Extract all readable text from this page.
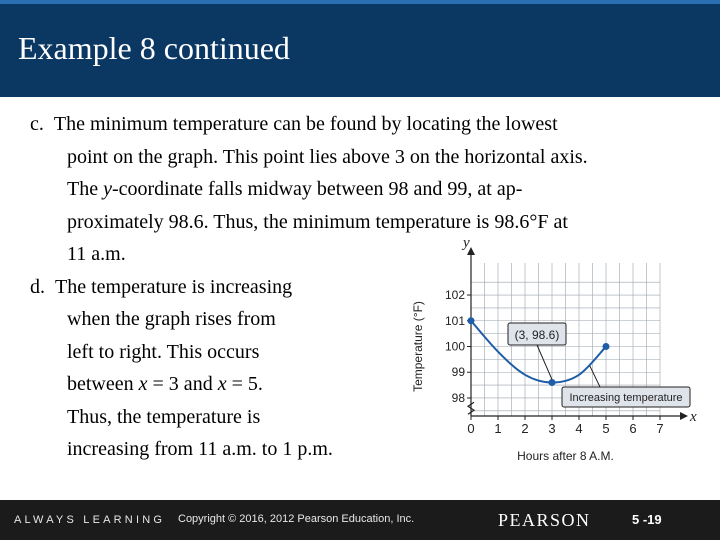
Example 8 continued

c. The minimum temperature can be found by locating the lowest
point on the graph. This point lies above 3 on the horizontal axis.
The y-coordinate falls midway between 98 and 99, at ap-
proximately 98.6. Thus, the minimum temperature is 98.6°F at
11 a.m.

d. The temperature is increasing
when the graph rises from
left to right. This occurs
between x = 3 and x = 5.
Thus, the temperature is
increasing from 11 a.m. to 1 p.m.

x
y
0 1 2 3 4 5 6 7
98
99
100
101
102
Hours after 8 A.M.
Temperature (°F)	(3, 98.6)
Increasing temperature
ALWAYS LEARNING Copyright © 2016, 2012 Pearson Education, Inc.	PEARSON	5 -19
